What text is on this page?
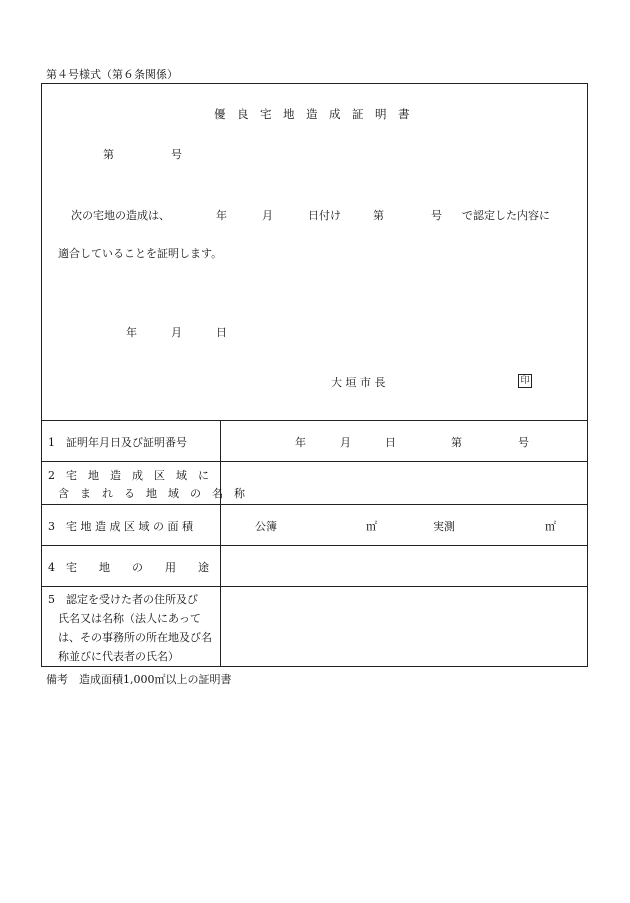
第４号様式（第６条関係）
優　良　宅　地　造　成　証　明　書
第	号
次の宅地の造成は、	年	月	日付け	第	号 で認定した内容に
適合していることを証明します。
年	月	日
大 垣 市 長	印
1　証明年月日及び証明番号	年	月	日	第	号
2　宅　地　造　成　区　域　に
含　ま　れ　る　地　域　の　名　称
3　宅 地 造 成 区 域 の 面 積	公簿	㎡	実測	㎡
4　宅　　地　　の　　用　　途
5　認定を受けた者の住所及び
氏名又は名称（法人にあって
は、その事務所の所在地及び名
称並びに代表者の氏名）
備考　造成面積1,000㎡以上の証明書
